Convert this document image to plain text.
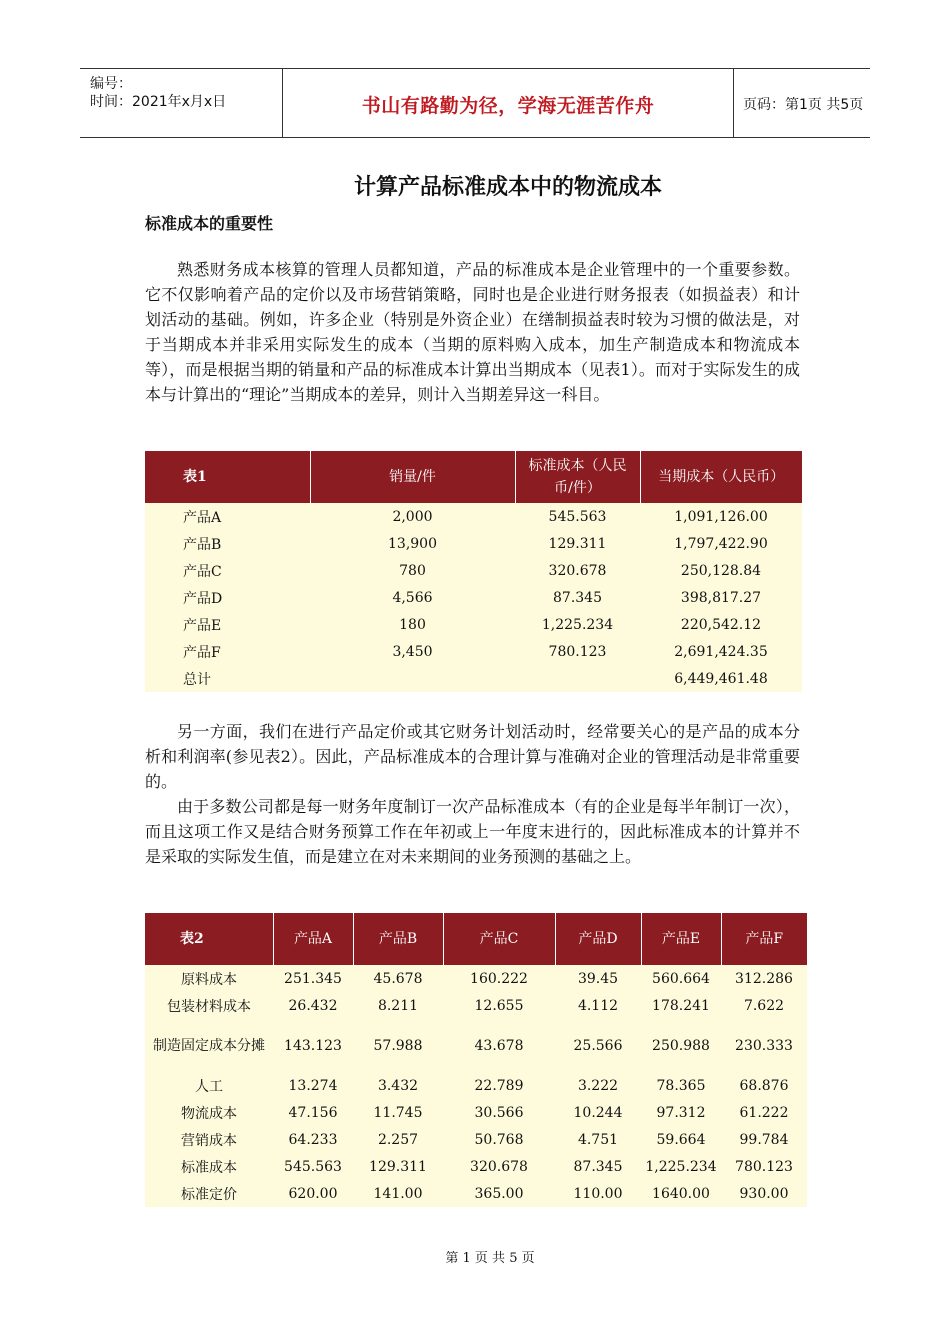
编号：
时间：2021年x月x日	书山有路勤为径，学海无涯苦作舟	页码：第1页 共5页
计算产品标准成本中的物流成本
标准成本的重要性

熟悉财务成本核算的管理人员都知道，产品的标准成本是企业管理中的一个重要参数。它不仅影响着产品的定价以及市场营销策略，同时也是企业进行财务报表（如损益表）和计划活动的基础。例如，许多企业（特别是外资企业）在缮制损益表时较为习惯的做法是，对于当期成本并非采用实际发生的成本（当期的原料购入成本，加生产制造成本和物流成本等），而是根据当期的销量和产品的标准成本计算出当期成本（见表1）。而对于实际发生的成本与计算出的“理论”当期成本的差异，则计入当期差异这一科目。

表1	销量/件	标准成本（人民币/件）	当期成本（人民币）
产品A	2,000	545.563	1,091,126.00
产品B	13,900	129.311	1,797,422.90
产品C	780	320.678	250,128.84
产品D	4,566	87.345	398,817.27
产品E	180	1,225.234	220,542.12
产品F	3,450	780.123	2,691,424.35
总计			6,449,461.48

另一方面，我们在进行产品定价或其它财务计划活动时，经常要关心的是产品的成本分析和利润率(参见表2）。因此，产品标准成本的合理计算与准确对企业的管理活动是非常重要的。

由于多数公司都是每一财务年度制订一次产品标准成本（有的企业是每半年制订一次），而且这项工作又是结合财务预算工作在年初或上一年度末进行的，因此标准成本的计算并不是采取的实际发生值，而是建立在对未来期间的业务预测的基础之上。

表2	产品A	产品B	产品C	产品D	产品E	产品F
原料成本	251.345	45.678	160.222	39.45	560.664	312.286
包装材料成本	26.432	8.211	12.655	4.112	178.241	7.622
制造固定成本分摊	143.123	57.988	43.678	25.566	250.988	230.333
人工	13.274	3.432	22.789	3.222	78.365	68.876
物流成本	47.156	11.745	30.566	10.244	97.312	61.222
营销成本	64.233	2.257	50.768	4.751	59.664	99.784
标准成本	545.563	129.311	320.678	87.345	1,225.234	780.123
标准定价	620.00	141.00	365.00	110.00	1640.00	930.00
第 1 页 共 5 页
